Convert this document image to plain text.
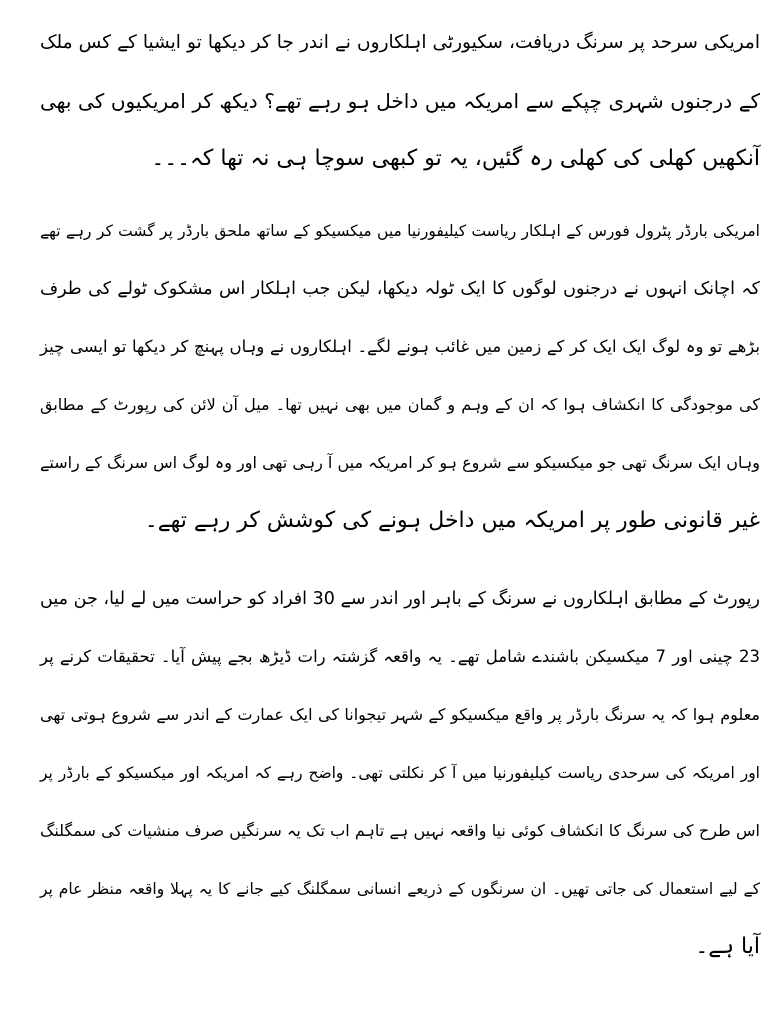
امریکی سرحد پر سرنگ دریافت، سکیورٹی اہلکاروں نے اندر جا کر دیکھا تو ایشیا کے کس ملک
کے درجنوں شہری چپکے سے امریکہ میں داخل ہو رہے تھے؟ دیکھ کر امریکیوں کی بھی
آنکھیں کھلی کی کھلی رہ گئیں، یہ تو کبھی سوچا ہی نہ تھا کہ۔۔۔
امریکی بارڈر پٹرول فورس کے اہلکار ریاست کیلیفورنیا میں میکسیکو کے ساتھ ملحق بارڈر پر گشت کر رہے تھے
کہ اچانک انہوں نے درجنوں لوگوں کا ایک ٹولہ دیکھا، لیکن جب اہلکار اس مشکوک ٹولے کی طرف
بڑھے تو وہ لوگ ایک ایک کر کے زمین میں غائب ہونے لگے۔ اہلکاروں نے وہاں پہنچ کر دیکھا تو ایسی چیز
کی موجودگی کا انکشاف ہوا کہ ان کے وہم و گمان میں بھی نہیں تھا۔ میل آن لائن کی رپورٹ کے مطابق
وہاں ایک سرنگ تھی جو میکسیکو سے شروع ہو کر امریکہ میں آ رہی تھی اور وہ لوگ اس سرنگ کے راستے
غیر قانونی طور پر امریکہ میں داخل ہونے کی کوشش کر رہے تھے۔
رپورٹ کے مطابق اہلکاروں نے سرنگ کے باہر اور اندر سے 30 افراد کو حراست میں لے لیا، جن میں
23 چینی اور 7 میکسیکن باشندے شامل تھے۔ یہ واقعہ گزشتہ رات ڈیڑھ بجے پیش آیا۔ تحقیقات کرنے پر
معلوم ہوا کہ یہ سرنگ بارڈر پر واقع میکسیکو کے شہر تیجوانا کی ایک عمارت کے اندر سے شروع ہوتی تھی
اور امریکہ کی سرحدی ریاست کیلیفورنیا میں آ کر نکلتی تھی۔ واضح رہے کہ امریکہ اور میکسیکو کے بارڈر پر
اس طرح کی سرنگ کا انکشاف کوئی نیا واقعہ نہیں ہے تاہم اب تک یہ سرنگیں صرف منشیات کی سمگلنگ
کے لیے استعمال کی جاتی تھیں۔ ان سرنگوں کے ذریعے انسانی سمگلنگ کیے جانے کا یہ پہلا واقعہ منظر عام پر
آیا ہے۔
